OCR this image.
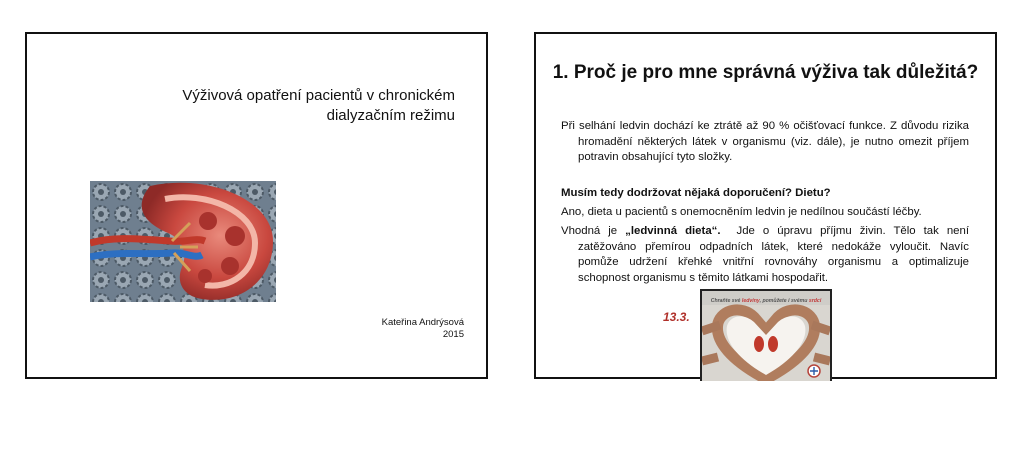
Výživová opatření pacientů v chronickém
dialyzačním režimu
Kateřina Andrýsová
2015
1. Proč je pro mne správná výživa tak důležitá?
Při selhání ledvin dochází ke ztrátě až 90 % očišťovací funkce. Z důvodu rizika
hromadění některých látek v organismu (viz. dále), je nutno omezit příjem
potravin obsahující tyto složky.
Musím tedy dodržovat nějaká doporučení? Dietu?
Ano, dieta u pacientů s onemocněním ledvin je nedílnou součástí léčby.
Vhodná je „ledvinná dieta“.  Jde o úpravu příjmu živin. Tělo tak není
zatěžováno přemírou odpadních látek, které nedokáže vyloučit. Navíc
pomůže udržení křehké vnitřní rovnováhy organismu a optimalizuje
schopnost organismu s těmito látkami hospodařit.
13.3.
Chraňte své ledviny, pomůžete i svému srdci
